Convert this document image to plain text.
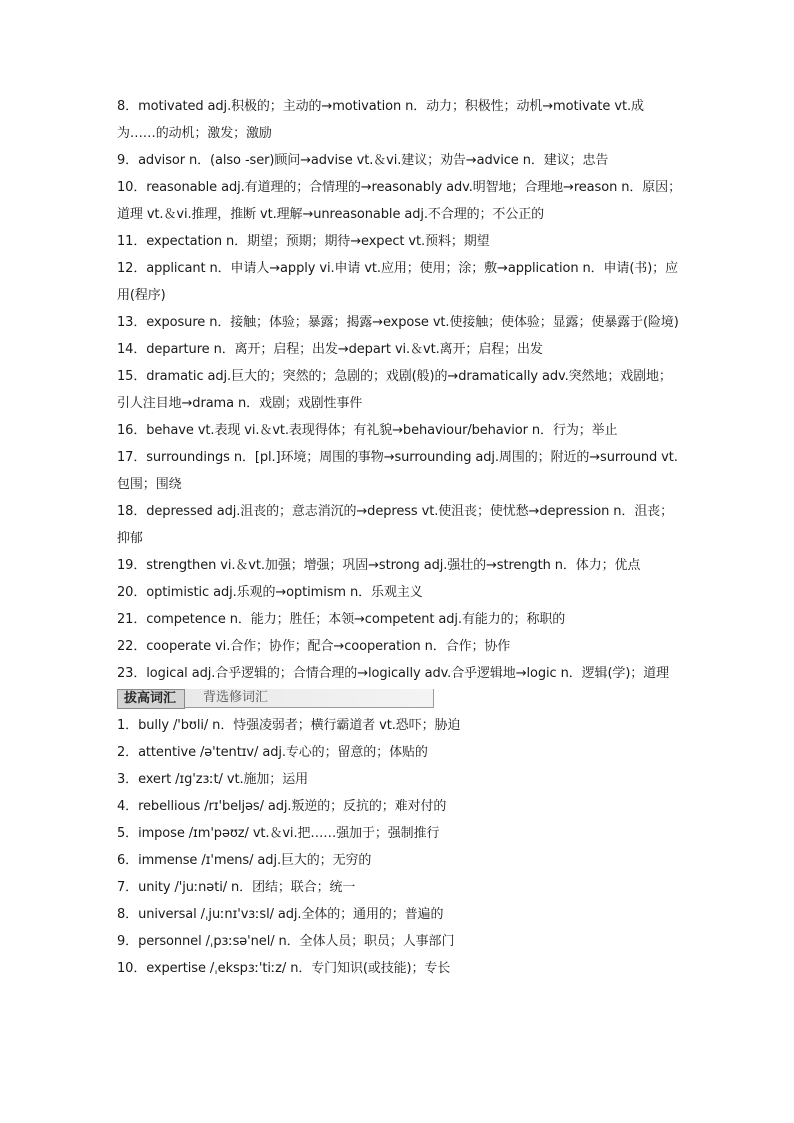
8．motivated adj.积极的；主动的→motivation n．动力；积极性；动机→motivate vt.成为……的动机；激发；激励
9．advisor n．(also -ser)顾问→advise vt.＆vi.建议；劝告→advice n．建议；忠告
10．reasonable adj.有道理的；合情理的→reasonably adv.明智地；合理地→reason n．原因；道理 vt.＆vi.推理，推断 vt.理解→unreasonable adj.不合理的；不公正的
11．expectation n．期望；预期；期待→expect vt.预料；期望
12．applicant n．申请人→apply vi.申请 vt.应用；使用；涂；敷→application n．申请(书)；应用(程序)
13．exposure n．接触；体验；暴露；揭露→expose vt.使接触；使体验；显露；使暴露于(险境)
14．departure n．离开；启程；出发→depart vi.＆vt.离开；启程；出发
15．dramatic adj.巨大的；突然的；急剧的；戏剧(般)的→dramatically adv.突然地；戏剧地；引人注目地→drama n．戏剧；戏剧性事件
16．behave vt.表现 vi.＆vt.表现得体；有礼貌→behaviour/behavior n．行为；举止
17．surroundings n．[pl.]环境；周围的事物→surrounding adj.周围的；附近的→surround vt.包围；围绕
18．depressed adj.沮丧的；意志消沉的→depress vt.使沮丧；使忧愁→depression n．沮丧；抑郁
19．strengthen vi.＆vt.加强；增强；巩固→strong adj.强壮的→strength n．体力；优点
20．optimistic adj.乐观的→optimism n．乐观主义
21．competence n．能力；胜任；本领→competent adj.有能力的；称职的
22．cooperate vi.合作；协作；配合→cooperation n．合作；协作
23．logical adj.合乎逻辑的；合情合理的→logically adv.合乎逻辑地→logic n．逻辑(学)；道理
拔高词汇	背选修词汇
1．bully /'bʊli/ n．恃强凌弱者；横行霸道者 vt.恐吓；胁迫
2．attentive /ə'tentɪv/ adj.专心的；留意的；体贴的
3．exert /ɪg'zɜːt/ vt.施加；运用
4．rebellious /rɪ'beljəs/ adj.叛逆的；反抗的；难对付的
5．impose /ɪm'pəʊz/ vt.＆vi.把……强加于；强制推行
6．immense /ɪ'mens/ adj.巨大的；无穷的
7．unity /'juːnəti/ n．团结；联合；统一
8．universal /ˌjuːnɪ'vɜːsl/ adj.全体的；通用的；普遍的
9．personnel /ˌpɜːsə'nel/ n．全体人员；职员；人事部门
10．expertise /ˌekspɜː'tiːz/ n．专门知识(或技能)；专长
